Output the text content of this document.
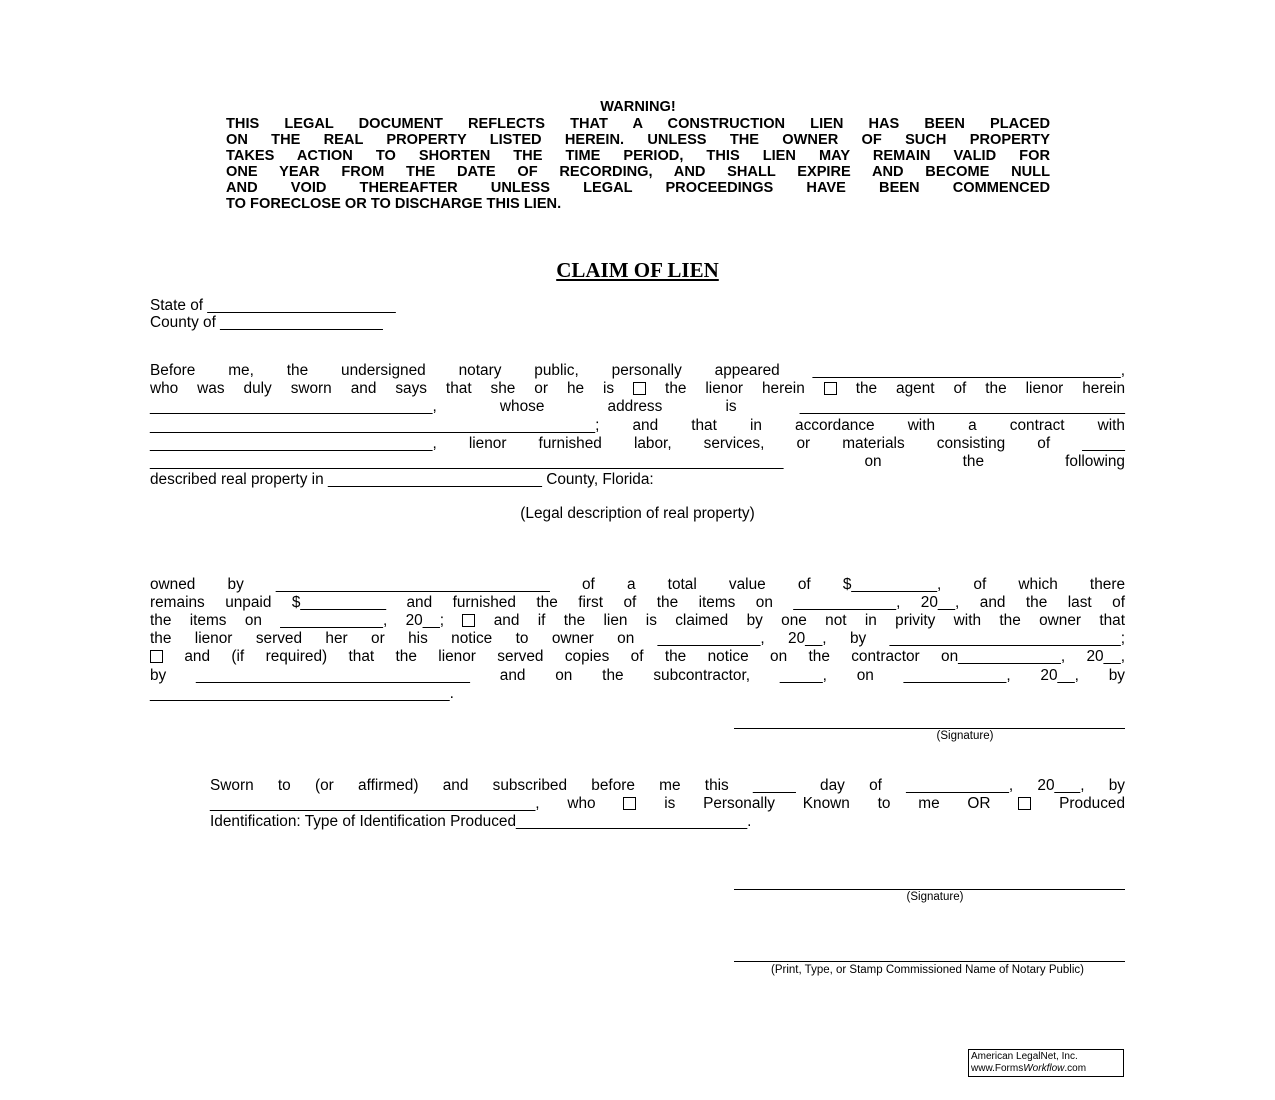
WARNING!
THIS LEGAL DOCUMENT REFLECTS THAT A CONSTRUCTION LIEN HAS BEEN PLACED
ON THE REAL PROPERTY LISTED HEREIN. UNLESS THE OWNER OF SUCH PROPERTY
TAKES ACTION TO SHORTEN THE TIME PERIOD, THIS LIEN MAY REMAIN VALID FOR
ONE YEAR FROM THE DATE OF RECORDING, AND SHALL EXPIRE AND BECOME NULL
AND VOID THEREAFTER UNLESS LEGAL PROCEEDINGS HAVE BEEN COMMENCED
TO FORECLOSE OR TO DISCHARGE THIS LIEN.
CLAIM OF LIEN
State of ______________________
County of ___________________
Before me, the undersigned notary public, personally appeared ____________________________________,
who was duly sworn and says that she or he is  the lienor herein  the agent of the lienor herein
_________________________________, whose address is ______________________________________
____________________________________________________; and that in accordance with a contract with
_________________________________, lienor furnished labor, services, or materials consisting of _____
__________________________________________________________________________ on the following
described real property in _________________________ County, Florida:
(Legal description of real property)
owned by ________________________________ of a total value of $__________, of which there
remains unpaid $__________ and furnished the first of the items on ____________, 20__, and the last of
the items on ____________, 20__;  and if the lien is claimed by one not in privity with the owner that
the lienor served her or his notice to owner on ____________, 20__, by ___________________________;
and (if required) that the lienor served copies of the notice on the contractor on____________, 20__,
by ________________________________ and on the subcontractor, _____, on ____________, 20__, by
___________________________________.
(Signature)
Sworn to (or affirmed) and subscribed before me this _____ day of ____________, 20___, by
______________________________________, who	is Personally Known to me OR	Produced
Identification: Type of Identification Produced___________________________.
(Signature)
(Print, Type, or Stamp Commissioned Name of Notary Public)
American LegalNet, Inc.
www.FormsWorkflow.com
